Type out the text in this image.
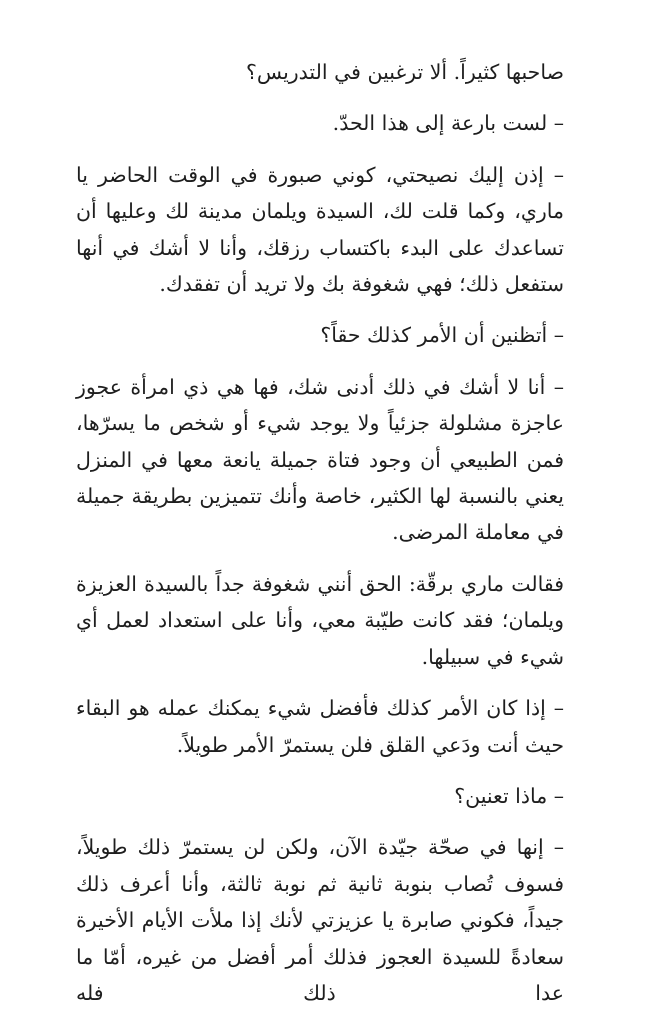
صاحبها كثيراً. ألا ترغبين في التدريس؟

– لست بارعة إلى هذا الحدّ.

– إذن إليك نصيحتي، كوني صبورة في الوقت الحاضر يا ماري، وكما قلت لك، السيدة ويلمان مدينة لك وعليها أن تساعدك على البدء باكتساب رزقك، وأنا لا أشك في أنها ستفعل ذلك؛ فهي شغوفة بك ولا تريد أن تفقدك.

– أتظنين أن الأمر كذلك حقاً؟

– أنا لا أشك في ذلك أدنى شك، فها هي ذي امرأة عجوز عاجزة مشلولة جزئياً ولا يوجد شيء أو شخص ما يسرّها، فمن الطبيعي أن وجود فتاة جميلة يانعة معها في المنزل يعني بالنسبة لها الكثير، خاصة وأنك تتميزين بطريقة جميلة في معاملة المرضى.

فقالت ماري برقّة: الحق أنني شغوفة جداً بالسيدة العزيزة ويلمان؛ فقد كانت طيّبة معي، وأنا على استعداد لعمل أي شيء في سبيلها.

– إذا كان الأمر كذلك فأفضل شيء يمكنك عمله هو البقاء حيث أنت ودَعي القلق فلن يستمرّ الأمر طويلاً.

– ماذا تعنين؟

– إنها في صحّة جيّدة الآن، ولكن لن يستمرّ ذلك طويلاً، فسوف تُصاب بنوبة ثانية ثم نوبة ثالثة، وأنا أعرف ذلك جيداً، فكوني صابرة يا عزيزتي لأنك إذا ملأت الأيام الأخيرة سعادةً للسيدة العجوز فذلك أمر أفضل من غيره، أمّا ما عدا ذلك فله
